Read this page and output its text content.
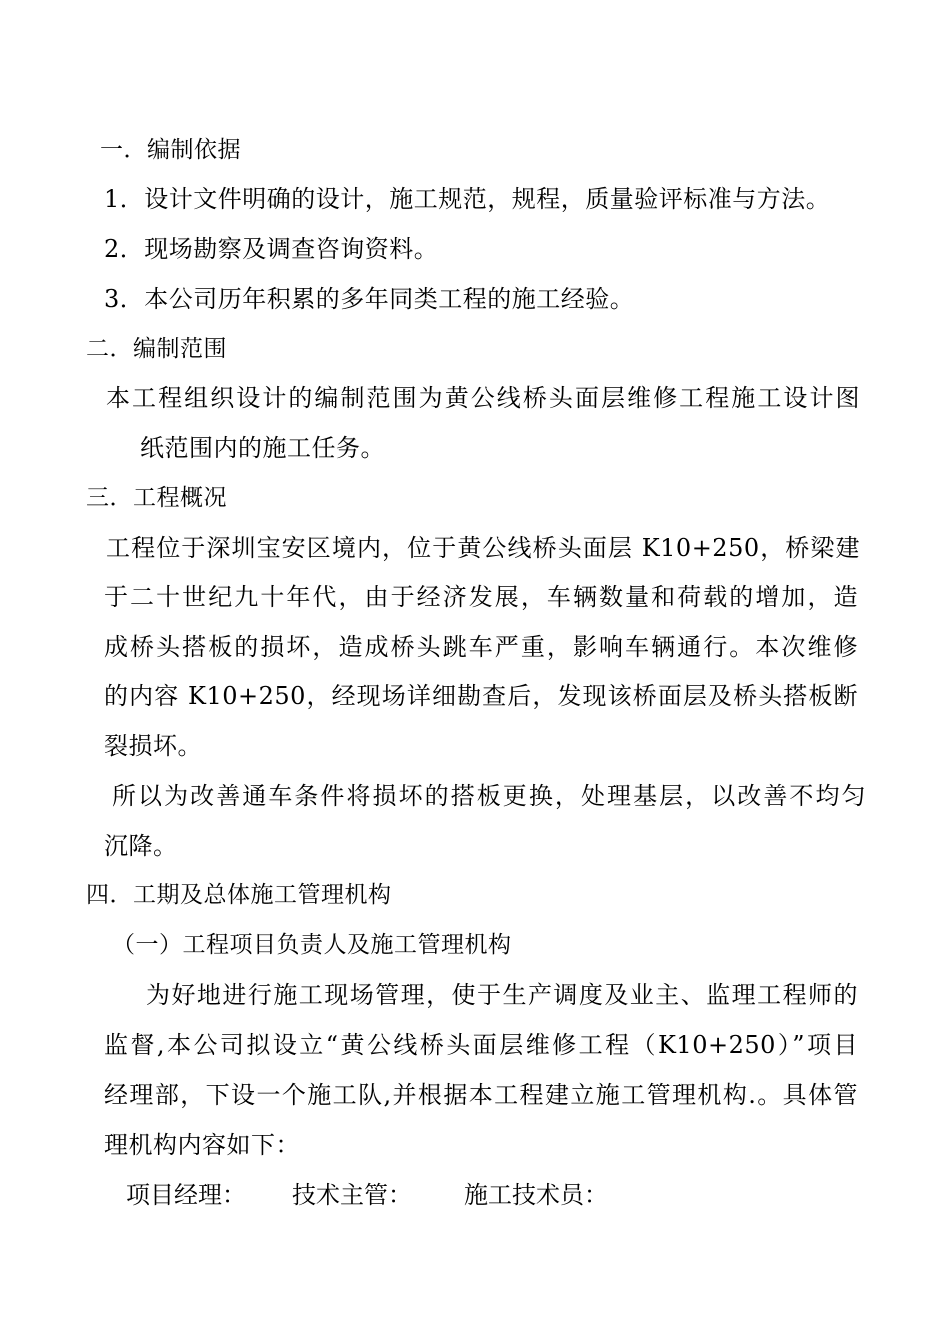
一．编制依据
1．设计文件明确的设计，施工规范，规程，质量验评标准与方法。
2．现场勘察及调查咨询资料。
3．本公司历年积累的多年同类工程的施工经验。
二．编制范围
本工程组织设计的编制范围为黄公线桥头面层维修工程施工设计图
纸范围内的施工任务。
三．工程概况
工程位于深圳宝安区境内，位于黄公线桥头面层 K10+250，桥梁建
于二十世纪九十年代，由于经济发展，车辆数量和荷载的增加，造
成桥头搭板的损坏，造成桥头跳车严重，影响车辆通行。本次维修
的内容 K10+250，经现场详细勘查后，发现该桥面层及桥头搭板断
裂损坏。
所以为改善通车条件将损坏的搭板更换，处理基层，以改善不均匀
沉降。
四．工期及总体施工管理机构
（一）工程项目负责人及施工管理机构
为好地进行施工现场管理，使于生产调度及业主、监理工程师的
监督,本公司拟设立“黄公线桥头面层维修工程（K10+250）”项目
经理部，下设一个施工队,并根据本工程建立施工管理机构.。具体管
理机构内容如下：
项目经理： 技术主管： 施工技术员：
